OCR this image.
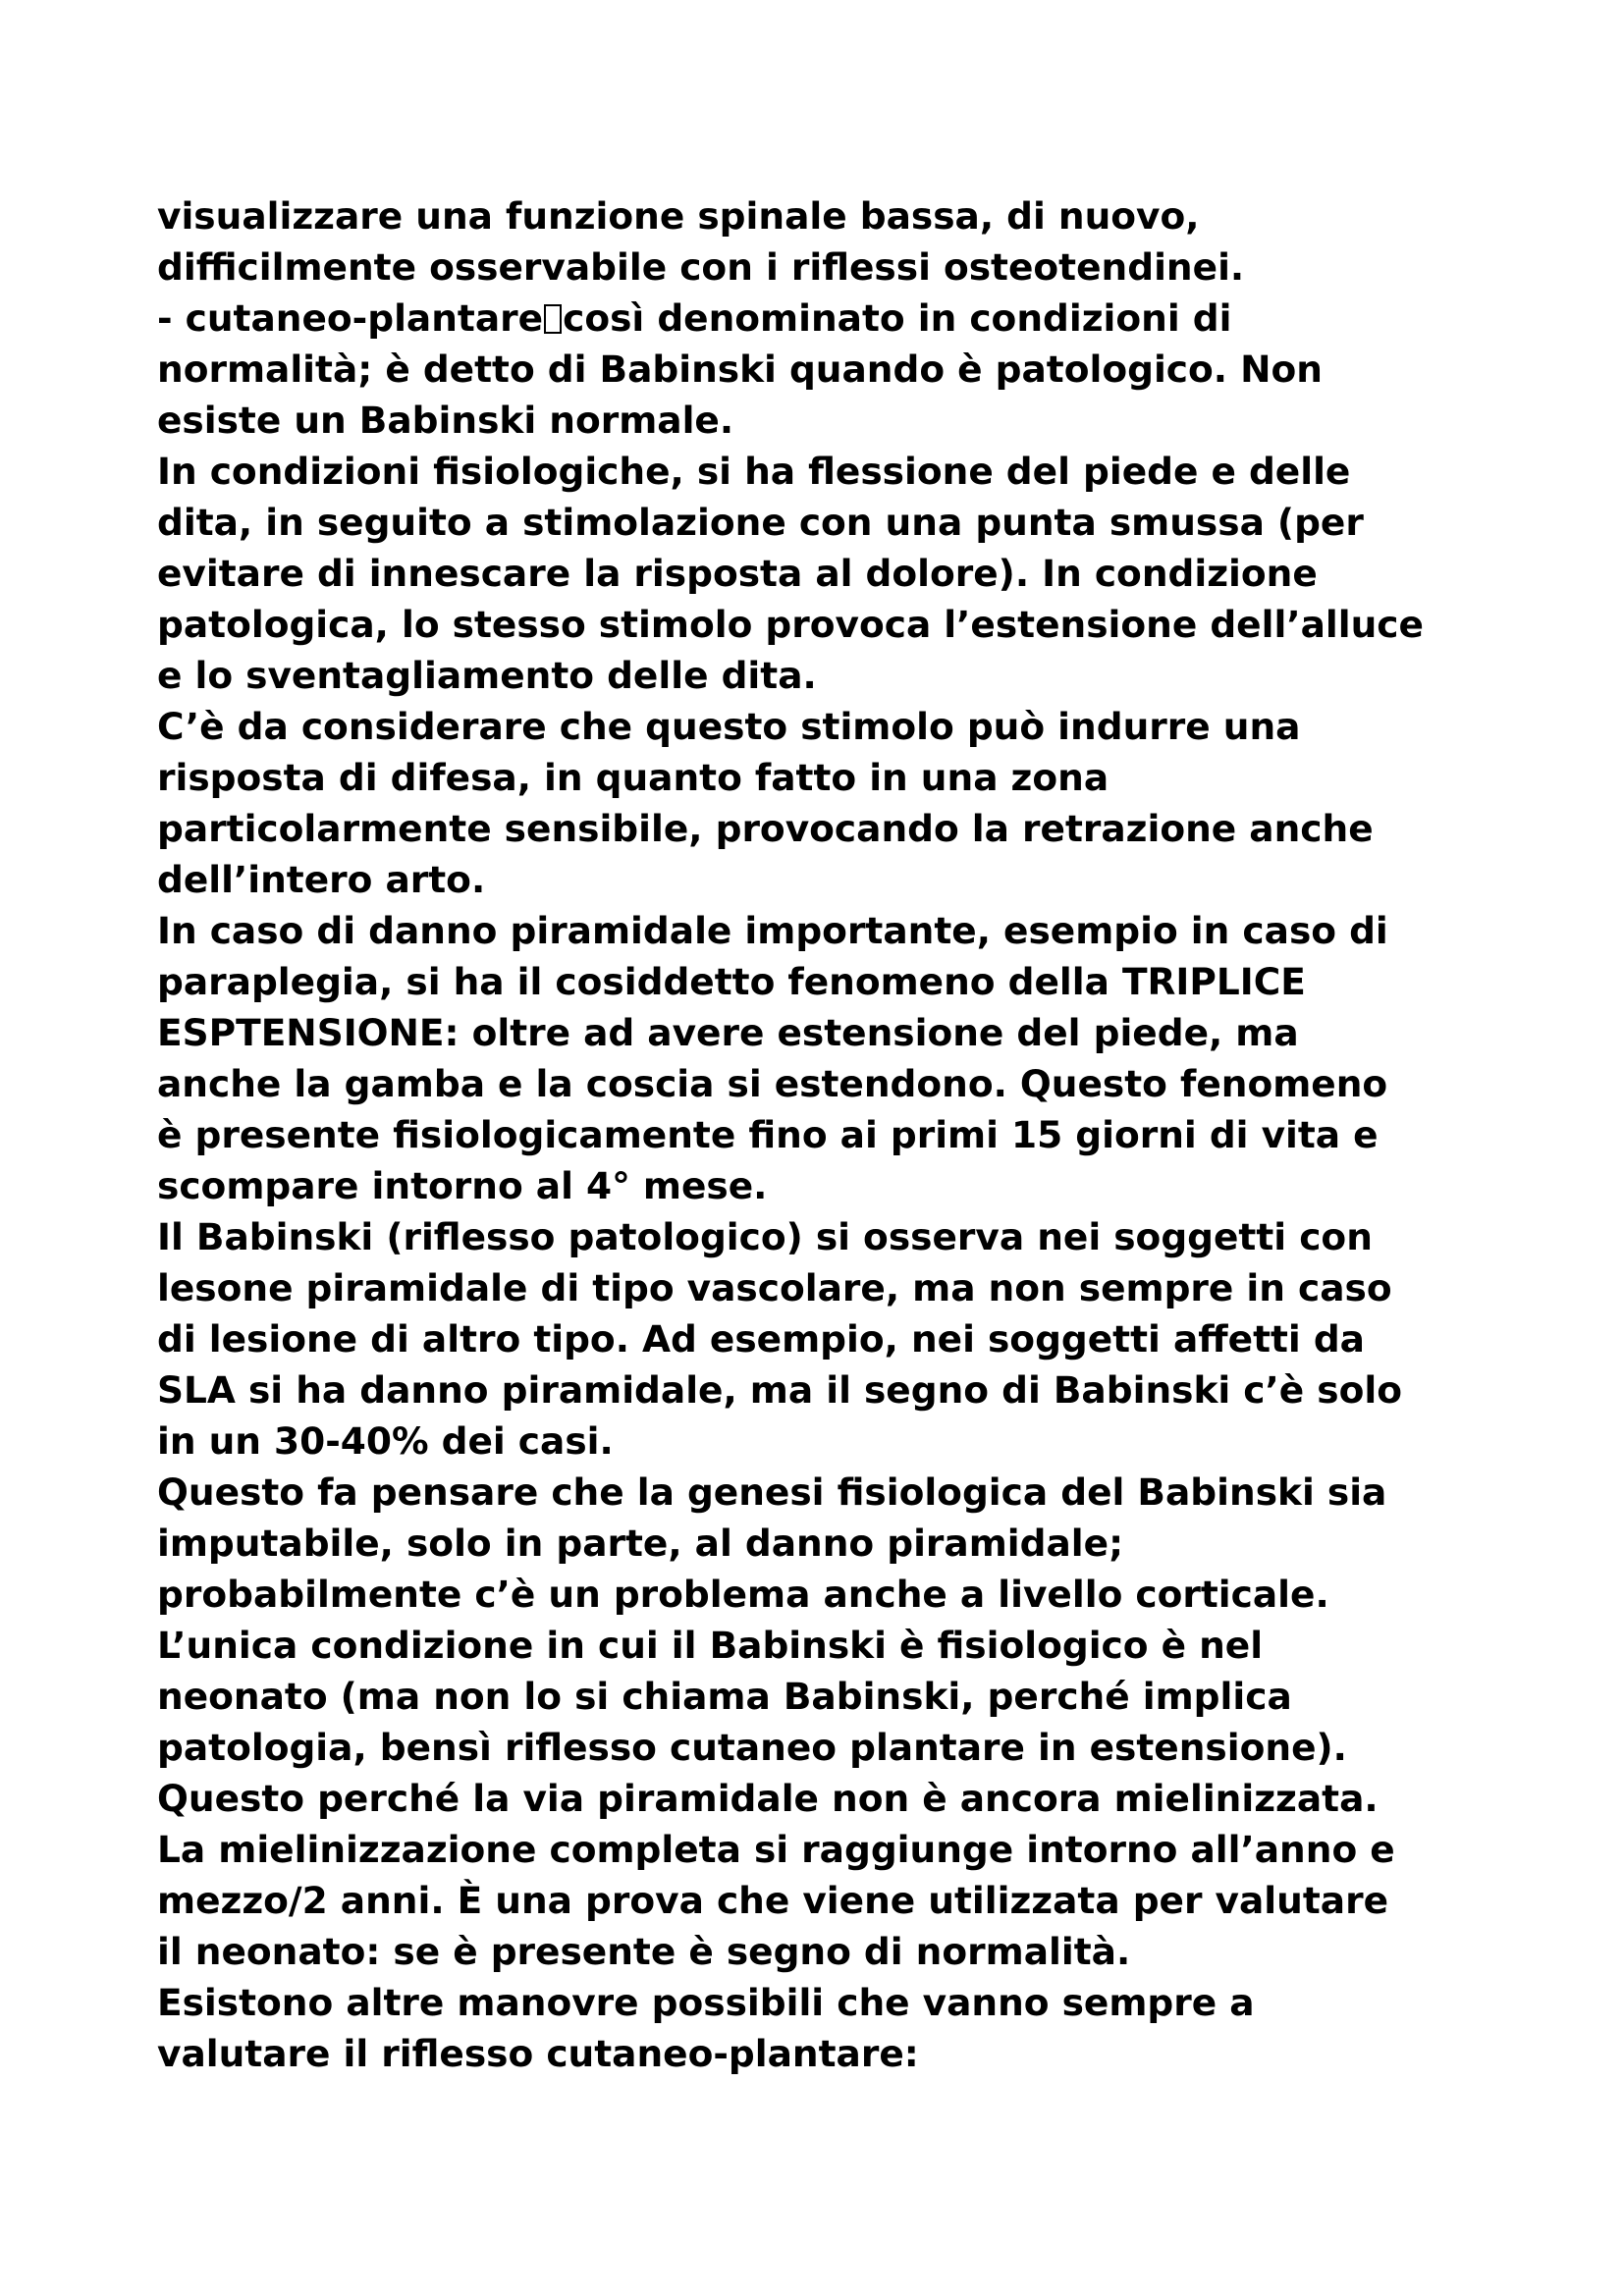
visualizzare una funzione spinale bassa, di nuovo,
difficilmente osservabile con i riflessi osteotendinei.
- cutaneo-plantare così denominato in condizioni di
normalità; è detto di Babinski quando è patologico. Non
esiste un Babinski normale.
In condizioni fisiologiche, si ha flessione del piede e delle
dita, in seguito a stimolazione con una punta smussa (per
evitare di innescare la risposta al dolore). In condizione
patologica, lo stesso stimolo provoca l’estensione dell’alluce
e lo sventagliamento delle dita.
C’è da considerare che questo stimolo può indurre una
risposta di difesa, in quanto fatto in una zona
particolarmente sensibile, provocando la retrazione anche
dell’intero arto.
In caso di danno piramidale importante, esempio in caso di
paraplegia, si ha il cosiddetto fenomeno della TRIPLICE
ESPTENSIONE: oltre ad avere estensione del piede, ma
anche la gamba e la coscia si estendono. Questo fenomeno
è presente fisiologicamente fino ai primi 15 giorni di vita e
scompare intorno al 4° mese.
Il Babinski (riflesso patologico) si osserva nei soggetti con
lesone piramidale di tipo vascolare, ma non sempre in caso
di lesione di altro tipo. Ad esempio, nei soggetti affetti da
SLA si ha danno piramidale, ma il segno di Babinski c’è solo
in un 30-40% dei casi.
Questo fa pensare che la genesi fisiologica del Babinski sia
imputabile, solo in parte, al danno piramidale;
probabilmente c’è un problema anche a livello corticale.
L’unica condizione in cui il Babinski è fisiologico è nel
neonato (ma non lo si chiama Babinski, perché implica
patologia, bensì riflesso cutaneo plantare in estensione).
Questo perché la via piramidale non è ancora mielinizzata.
La mielinizzazione completa si raggiunge intorno all’anno e
mezzo/2 anni. È una prova che viene utilizzata per valutare
il neonato: se è presente è segno di normalità.
Esistono altre manovre possibili che vanno sempre a
valutare il riflesso cutaneo-plantare:
